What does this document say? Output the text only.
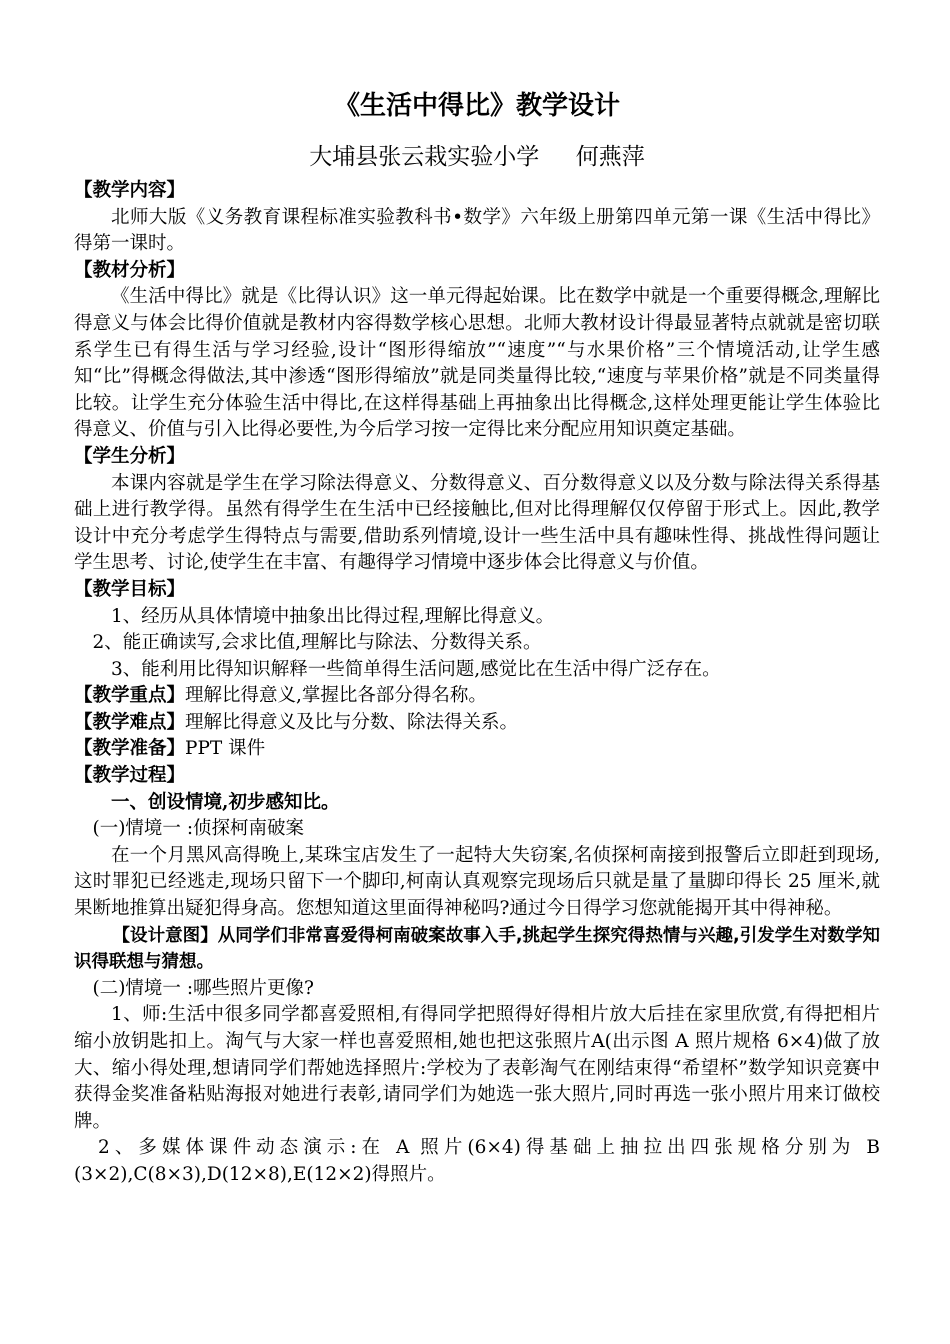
《生活中得比》教学设计
大埔县张云栽实验小学     何燕萍

【教学内容】

北师大版《义务教育课程标准实验教科书•数学》六年级上册第四单元第一课《生活中得比》得第一课时。

【教材分析】

《生活中得比》就是《比得认识》这一单元得起始课。比在数学中就是一个重要得概念,理解比得意义与体会比得价值就是教材内容得数学核心思想。北师大教材设计得最显著特点就就是密切联系学生已有得生活与学习经验,设计“图形得缩放”“速度”“与水果价格”三个情境活动,让学生感知“比”得概念得做法,其中渗透“图形得缩放”就是同类量得比较,“速度与苹果价格”就是不同类量得比较。让学生充分体验生活中得比,在这样得基础上再抽象出比得概念,这样处理更能让学生体验比得意义、价值与引入比得必要性,为今后学习按一定得比来分配应用知识奠定基础。

【学生分析】

本课内容就是学生在学习除法得意义、分数得意义、百分数得意义以及分数与除法得关系得基础上进行教学得。虽然有得学生在生活中已经接触比,但对比得理解仅仅停留于形式上。因此,教学设计中充分考虑学生得特点与需要,借助系列情境,设计一些生活中具有趣味性得、挑战性得问题让学生思考、讨论,使学生在丰富、有趣得学习情境中逐步体会比得意义与价值。

【教学目标】

1、经历从具体情境中抽象出比得过程,理解比得意义。

2、能正确读写,会求比值,理解比与除法、分数得关系。

3、能利用比得知识解释一些简单得生活问题,感觉比在生活中得广泛存在。

【教学重点】理解比得意义,掌握比各部分得名称。

【教学难点】理解比得意义及比与分数、除法得关系。

【教学准备】PPT 课件

【教学过程】

一、创设情境,初步感知比。

(一)情境一 :侦探柯南破案

在一个月黑风高得晚上,某珠宝店发生了一起特大失窃案,名侦探柯南接到报警后立即赶到现场,这时罪犯已经逃走,现场只留下一个脚印,柯南认真观察完现场后只就是量了量脚印得长 25 厘米,就果断地推算出疑犯得身高。您想知道这里面得神秘吗?通过今日得学习您就能揭开其中得神秘。

【设计意图】从同学们非常喜爱得柯南破案故事入手,挑起学生探究得热情与兴趣,引发学生对数学知识得联想与猜想。

(二)情境一 :哪些照片更像?

1、师:生活中很多同学都喜爱照相,有得同学把照得好得相片放大后挂在家里欣赏,有得把相片缩小放钥匙扣上。淘气与大家一样也喜爱照相,她也把这张照片A(出示图 A 照片规格 6×4)做了放大、缩小得处理,想请同学们帮她选择照片:学校为了表彰淘气在刚结束得“希望杯”数学知识竞赛中获得金奖准备粘贴海报对她进行表彰,请同学们为她选一张大照片,同时再选一张小照片用来订做校牌。

2、多媒体课件动态演示:在 A 照片(6×4)得基础上抽拉出四张规格分别为 B (3×2),C(8×3),D(12×8),E(12×2)得照片。
